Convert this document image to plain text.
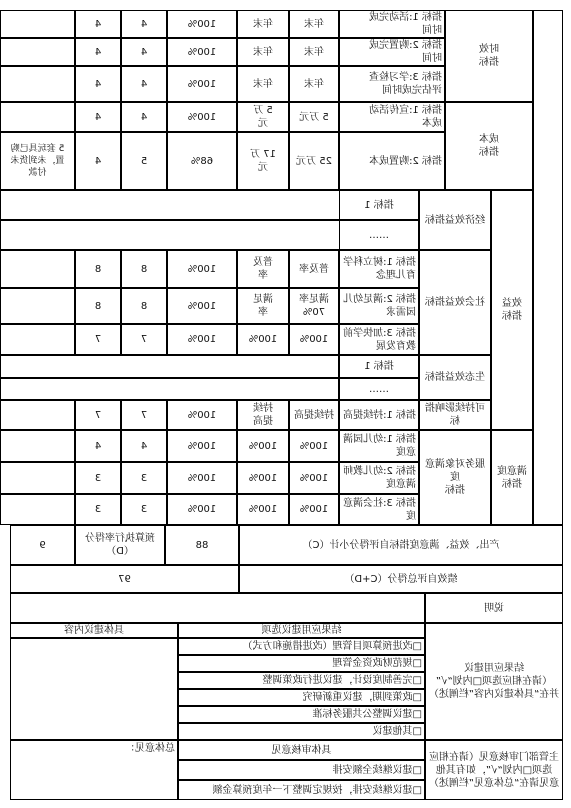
时效
指标
成本
指标
效益
指标
经济效益指标
社会效益指标
生态效益指标
可持续影响指标
满意度
指标
服务对象满意度
指标
指标 1:活动完成
时间
年末
年末
100%
4
4
指标 2:购置完成
时间
年末
年末
100%
4
4
指标 3:学习检查
评估完成时间
年末
年末
100%
4
4
指标 1:宣传活动
成本
5 万元
5 万
元
100%
4
4
指标 2:购置成本
25 万元
17 万
元
68%
5
4
5 套玩具已购
置，未到货未
付款
指标 1
……
指标 1:树立科学
育儿理念
普及率
普及
率
100%
8
8
指标 2:满足幼儿
园需求
满足率
70%
满足
率
100%
8
8
指标 3:加快学前
教育发展
100%
100%
100%
7
7
指标 1
……
指标 1:持续提高
持续提高
持续
提高
100%
7
7
指标 1:幼儿园满
意度
100%
100%
100%
4
4
指标 2:幼儿教师
满意度
100%
100%
100%
3
3
指标 3:社会满意
度
100%
100%
100%
3
3
产出、效益、满意度指标自评得分小计（C）
88
预算执行率得分
（D）
9
绩效自评总得分（C+D）
97
说明
结果应用建议
（请在相应选项□内划“√”
并在“具体建议内容”栏阐述）
结果应用建议选项
具体建议内容
□改进预算项目管理（改进措施和方式）
□规范财政资金管理
□完善制度设计，建议进行政策调整
□政策到期，建议重新研究
□建议调整公共服务标准
□其他建议
主管部门审核意见（请在相应
选项□内划“√”，如有其他
意见请在“总体意见”栏阐述）
具体审核意见
总体意见：
□建议继续全额安排
□建议继续安排，按规定调整下一年度预算金额
